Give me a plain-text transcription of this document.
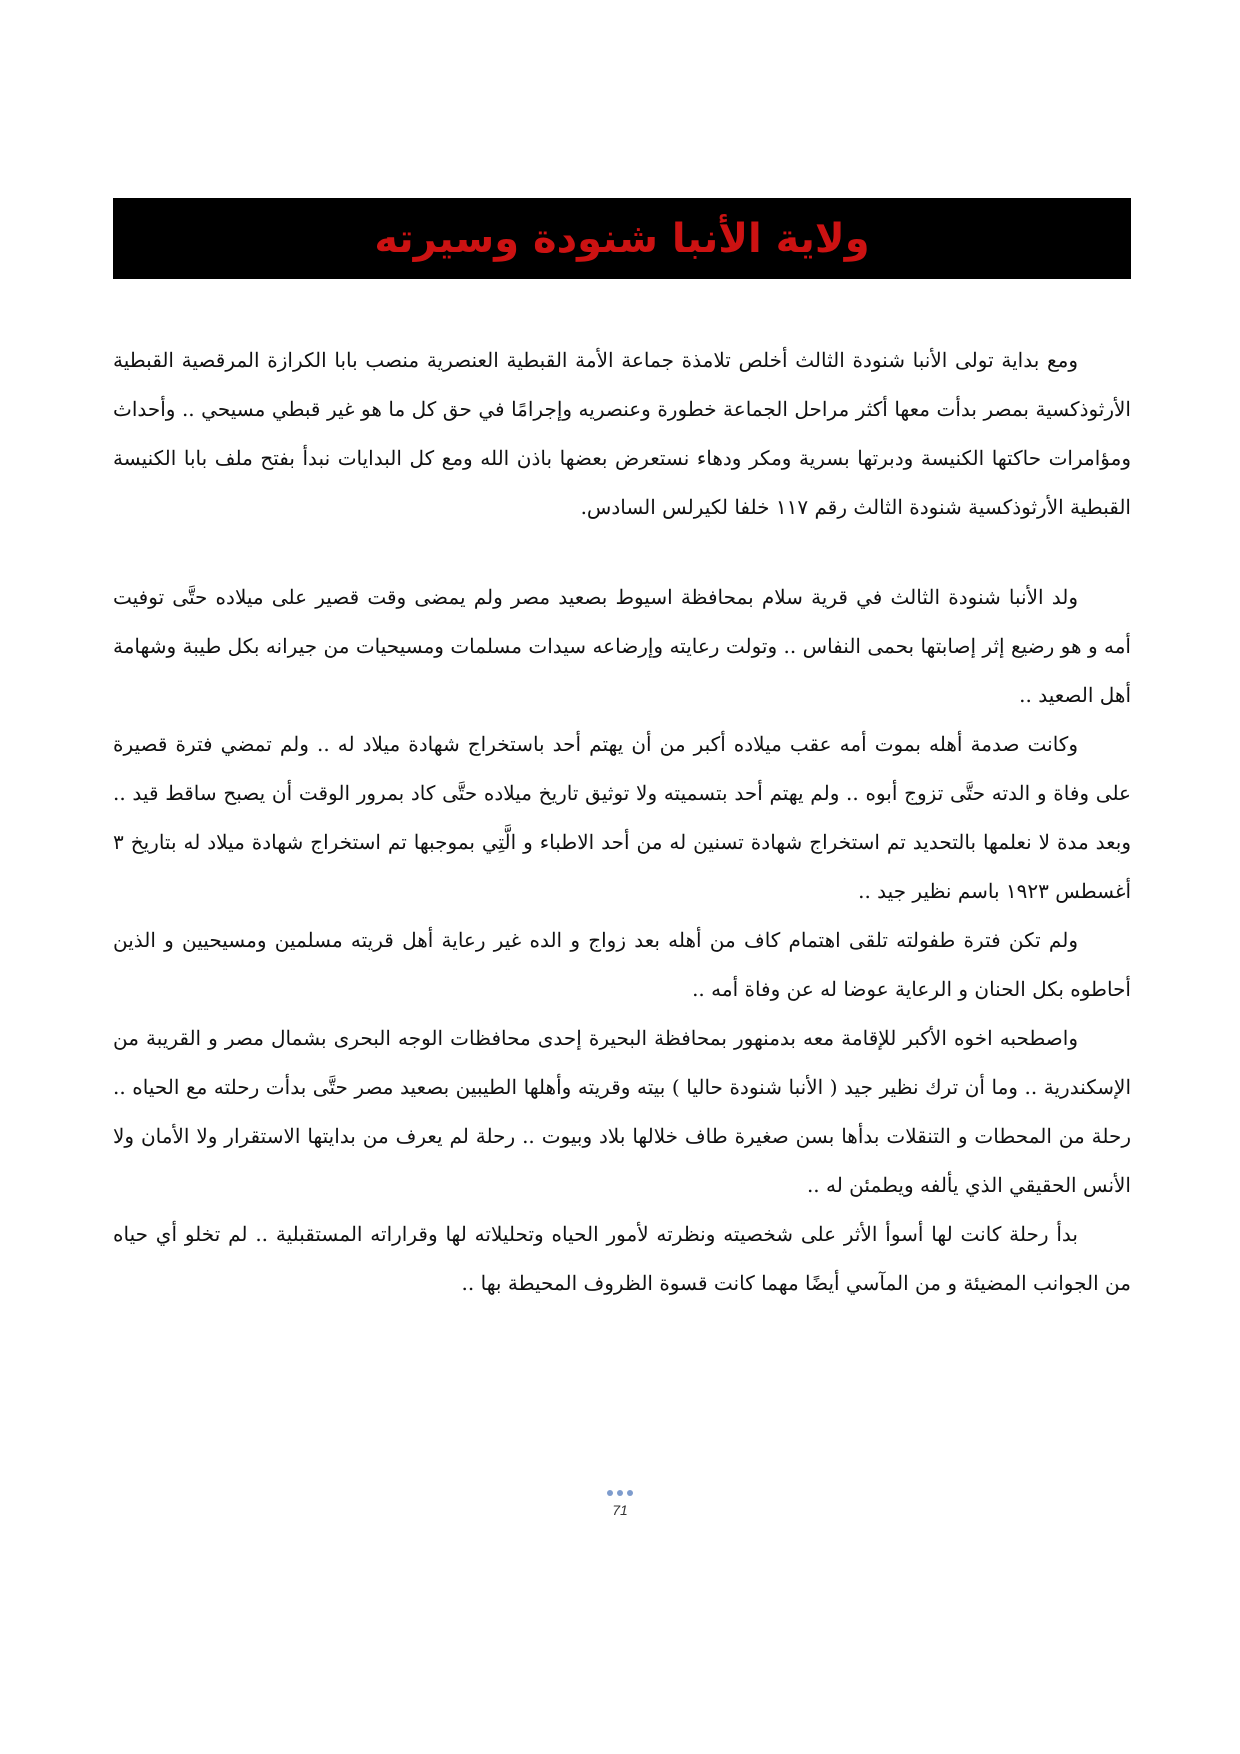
ولاية الأنبا شنودة وسيرته

ومع بداية تولى الأنبا شنودة الثالث أخلص تلامذة جماعة الأمة القبطية العنصرية منصب بابا الكرازة المرقصية القبطية الأرثوذكسية بمصر بدأت معها أكثر مراحل الجماعة خطورة وعنصريه وإجرامًا في حق كل ما هو غير قبطي مسيحي .. وأحداث ومؤامرات حاكتها الكنيسة ودبرتها بسرية ومكر ودهاء نستعرض بعضها باذن الله ومع كل البدايات نبدأ بفتح ملف بابا الكنيسة القبطية الأرثوذكسية شنودة الثالث رقم ١١٧ خلفا لكيرلس السادس.

ولد الأنبا شنودة الثالث في قرية سلام بمحافظة اسيوط بصعيد مصر ولم يمضى وقت قصير على ميلاده حتَّى توفيت أمه و هو رضيع إثر إصابتها بحمى النفاس .. وتولت رعايته وإرضاعه سيدات مسلمات ومسيحيات من جيرانه بكل طيبة وشهامة أهل الصعيد ..

وكانت صدمة أهله بموت أمه عقب ميلاده أكبر من أن يهتم أحد باستخراج شهادة ميلاد له .. ولم تمضي فترة قصيرة على وفاة و الدته حتَّى تزوج أبوه .. ولم يهتم أحد بتسميته ولا توثيق تاريخ ميلاده حتَّى كاد بمرور الوقت أن يصبح ساقط قيد .. وبعد مدة لا نعلمها بالتحديد تم استخراج شهادة تسنين له من أحد الاطباء و الَّتِي بموجبها تم استخراج شهادة ميلاد له بتاريخ ٣ أغسطس ١٩٢٣ باسم نظير جيد ..

ولم تكن فترة طفولته تلقى اهتمام كاف من أهله بعد زواج و الده غير رعاية أهل قريته مسلمين ومسيحيين و الذين أحاطوه بكل الحنان و الرعاية عوضا له عن وفاة أمه ..

واصطحبه اخوه الأكبر للإقامة معه بدمنهور بمحافظة البحيرة إحدى محافظات الوجه البحرى بشمال مصر و القريبة من الإسكندرية .. وما أن ترك نظير جيد ( الأنبا شنودة حاليا ) بيته وقريته وأهلها الطيبين بصعيد مصر حتَّى بدأت رحلته مع الحياه .. رحلة من المحطات و التنقلات بدأها بسن صغيرة طاف خلالها بلاد وبيوت .. رحلة لم يعرف من بدايتها الاستقرار ولا الأمان ولا الأنس الحقيقي الذي يألفه ويطمئن له ..

بدأ رحلة كانت لها أسوأ الأثر على شخصيته ونظرته لأمور الحياه وتحليلاته لها وقراراته المستقبلية .. لم تخلو أي حياه من الجوانب المضيئة و من المآسي أيضًا مهما كانت قسوة الظروف المحيطة بها ..

71
